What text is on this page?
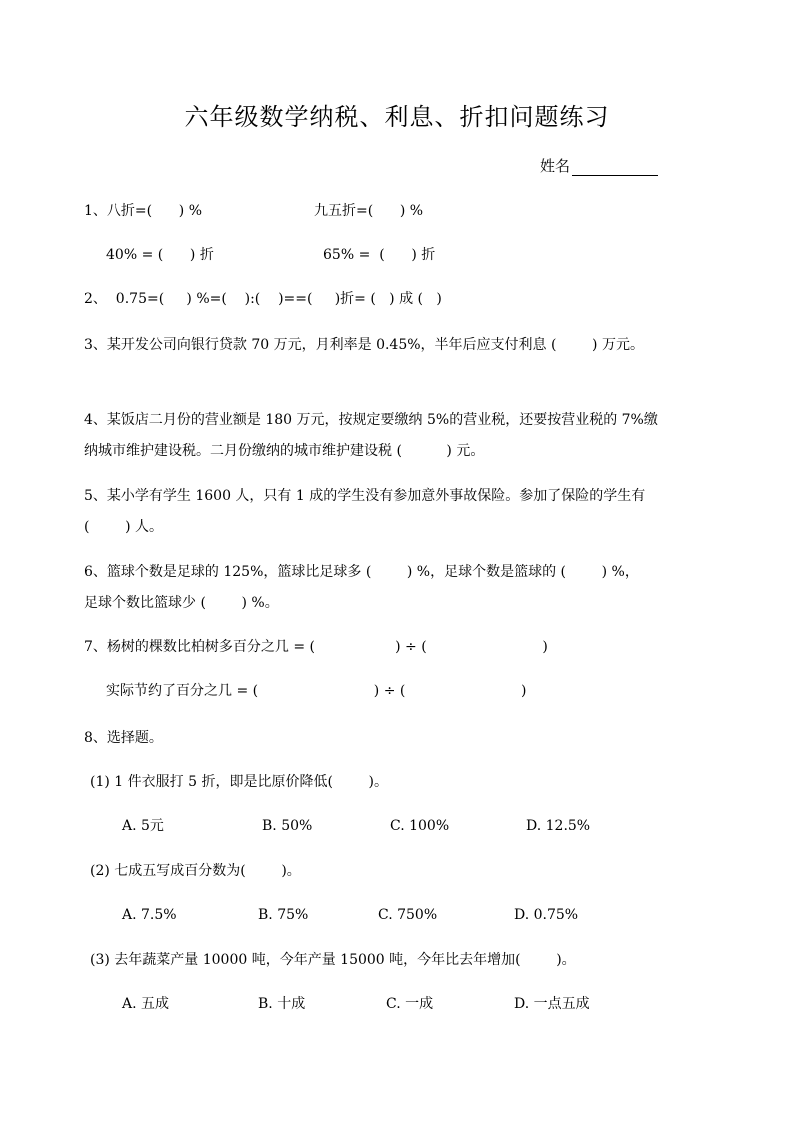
六年级数学纳税、利息、折扣问题练习
姓名
1、八折=(      ) %	九五折=(      ) %
40% = (      ) 折	65% =  (      ) 折
2、  0.75=(     ) %=(    ):(    )==(     )折= (   ) 成 (   )
3、某开发公司向银行贷款 70 万元，月利率是 0.45%，半年后应支付利息 (        ) 万元。
4、某饭店二月份的营业额是 180 万元，按规定要缴纳 5%的营业税，还要按营业税的 7%缴
纳城市维护建设税。二月份缴纳的城市维护建设税 (          ) 元。
5、某小学有学生 1600 人，只有 1 成的学生没有参加意外事故保险。参加了保险的学生有
(        ) 人。
6、篮球个数是足球的 125%，篮球比足球多 (        ) %，足球个数是篮球的 (        ) %，
足球个数比篮球少 (        ) %。
7、杨树的棵数比柏树多百分之几 = (                  ) ÷ (                          )
实际节约了百分之几 = (                          ) ÷ (                          )
8、选择题。
(1) 1 件衣服打 5 折，即是比原价降低(        )。
A. 5元	B. 50%	C. 100%	D. 12.5%
(2) 七成五写成百分数为(        )。
A. 7.5%	B. 75%	C. 750%	D. 0.75%
(3) 去年蔬菜产量 10000 吨，今年产量 15000 吨，今年比去年增加(        )。
A. 五成	B. 十成	C. 一成	D. 一点五成
